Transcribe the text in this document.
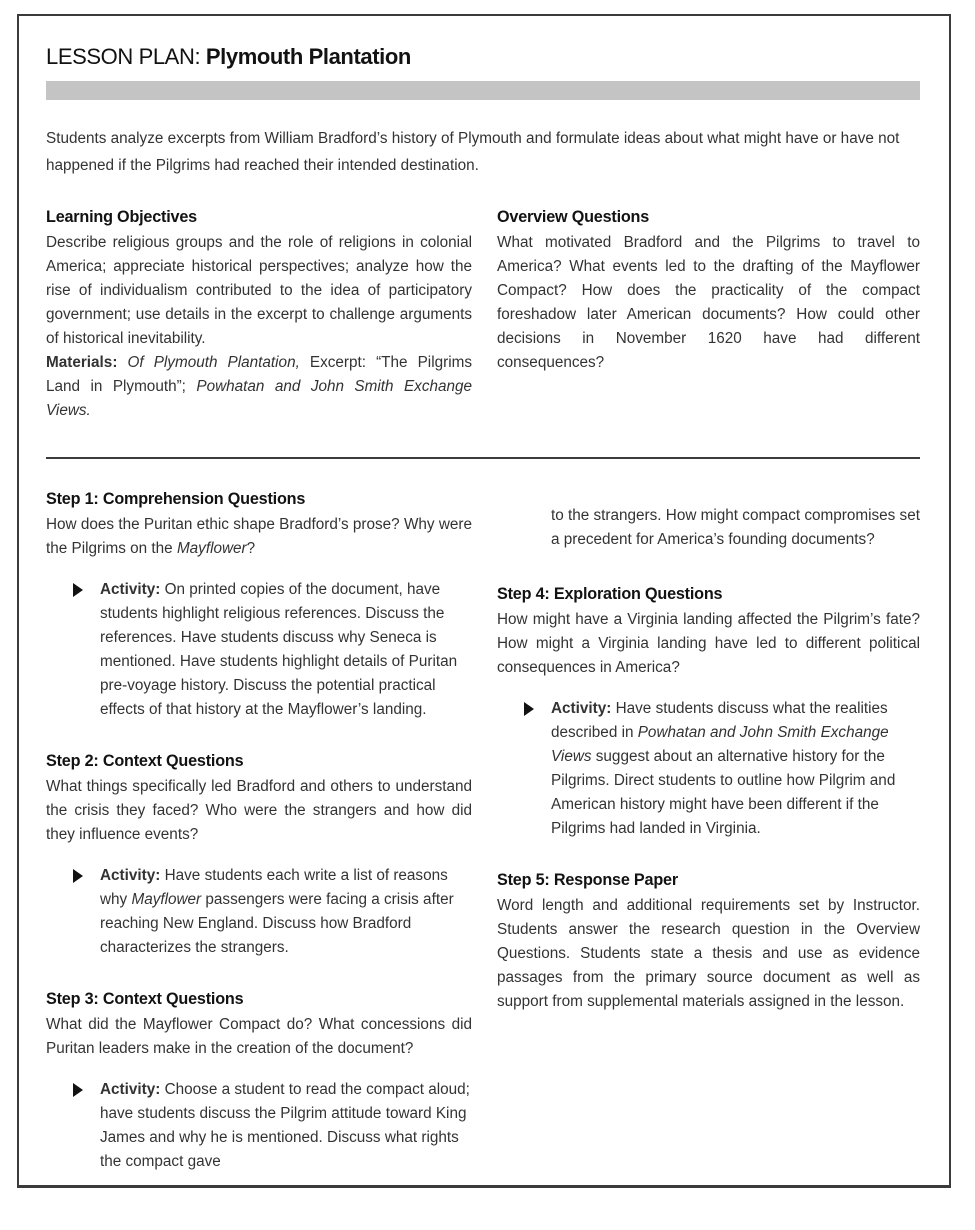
LESSON PLAN: Plymouth Plantation

Students analyze excerpts from William Bradford’s history of Plymouth and formulate ideas about what might have or have not happened if the Pilgrims had reached their intended destination.

Learning Objectives

Describe religious groups and the role of religions in colonial America; appreciate historical perspectives; analyze how the rise of individualism contributed to the idea of participatory government; use details in the excerpt to challenge arguments of historical inevitability.

Materials: Of Plymouth Plantation, Excerpt: “The Pilgrims Land in Plymouth”; Powhatan and John Smith Exchange Views.

Overview Questions

What motivated Bradford and the Pilgrims to travel to America? What events led to the drafting of the Mayflower Compact? How does the practicality of the compact foreshadow later American documents? How could other decisions in November 1620 have had different consequences?

Step 1: Comprehension Questions

How does the Puritan ethic shape Bradford’s prose? Why were the Pilgrims on the Mayflower?

Activity: On printed copies of the document, have students highlight religious references. Discuss the references. Have students discuss why Seneca is mentioned. Have students highlight details of Puritan pre-voyage history. Discuss the potential practical effects of that history at the Mayflower’s landing.

Step 2: Context Questions

What things specifically led Bradford and others to understand the crisis they faced? Who were the strangers and how did they influence events?

Activity: Have students each write a list of reasons why Mayflower passengers were facing a crisis after reaching New England. Discuss how Bradford characterizes the strangers.

Step 3: Context Questions

What did the Mayflower Compact do? What concessions did Puritan leaders make in the creation of the document?

Activity: Choose a student to read the compact aloud; have students discuss the Pilgrim attitude toward King James and why he is mentioned. Discuss what rights the compact gave

to the strangers. How might compact compromises set a precedent for America’s founding documents?

Step 4: Exploration Questions

How might have a Virginia landing affected the Pilgrim’s fate? How might a Virginia landing have led to different political consequences in America?

Activity: Have students discuss what the realities described in Powhatan and John Smith Exchange Views suggest about an alternative history for the Pilgrims. Direct students to outline how Pilgrim and American history might have been different if the Pilgrims had landed in Virginia.

Step 5: Response Paper

Word length and additional requirements set by Instructor. Students answer the research question in the Overview Questions. Students state a thesis and use as evidence passages from the primary source document as well as support from supplemental materials assigned in the lesson.
